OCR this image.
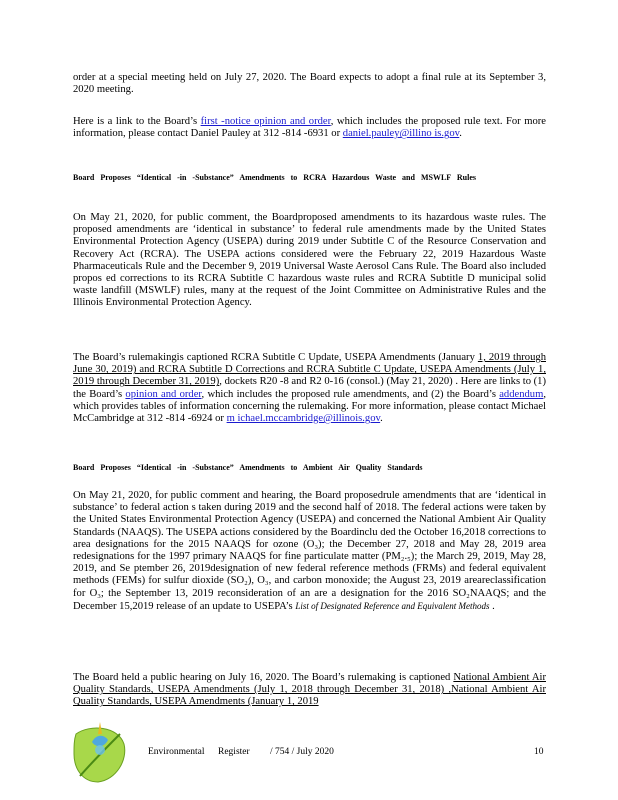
order at a special meeting held on July 27, 2020. The Board expects to adopt a final rule at its September 3, 2020 meeting.

Here is a link to the Board’s first -notice opinion and order, which includes the proposed rule text. For more information, please contact Daniel Pauley at 312 -814 -6931 or daniel.pauley@illino is.gov.

Board Proposes “Identical -in -Substance” Amendments to RCRA Hazardous Waste and MSWLF Rules

On May 21, 2020, for public comment, the Boardproposed amendments to its hazardous waste rules. The proposed amendments are ‘identical in substance’ to federal rule amendments made by the United States Environmental Protection Agency (USEPA) during 2019 under Subtitle C of the Resource Conservation and Recovery Act (RCRA). The USEPA actions considered were the February 22, 2019 Hazardous Waste Pharmaceuticals Rule and the December 9, 2019 Universal Waste Aerosol Cans Rule. The Board also included propos ed corrections to its RCRA Subtitle C hazardous waste rules and RCRA Subtitle D municipal solid waste landfill (MSWLF) rules, many at the request of the Joint Committee on Administrative Rules and the Illinois Environmental Protection Agency.

The Board’s rulemakingis captioned RCRA Subtitle C Update, USEPA Amendments (January 1, 2019 through June 30, 2019) and RCRA Subtitle D Corrections and RCRA Subtitle C Update, USEPA Amendments (July 1, 2019 through December 31, 2019), dockets R20 -8 and R2 0-16 (consol.) (May 21, 2020) . Here are links to (1) the Board’s opinion and order, which includes the proposed rule amendments, and (2) the Board’s addendum, which provides tables of information concerning the rulemaking. For more information, please contact Michael McCambridge at 312 -814 -6924 or m ichael.mccambridge@illinois.gov.

Board Proposes “Identical -in -Substance” Amendments to Ambient Air Quality Standards

On May 21, 2020, for public comment and hearing, the Board proposedrule amendments that are ‘identical in substance’ to federal action s taken during 2019 and the second half of 2018. The federal actions were taken by the United States Environmental Protection Agency (USEPA) and concerned the National Ambient Air Quality Standards (NAAQS). The USEPA actions considered by the Boardinclu ded the October 16,2018 corrections to area designations for the 2015 NAAQS for ozone (O₃); the December 27, 2018 and May 28, 2019 area redesignations for the 1997 primary NAAQS for fine particulate matter (PM₂.₅); the March 29, 2019, May 28, 2019, and Se ptember 26, 2019designation of new federal reference methods (FRMs) and federal equivalent methods (FEMs) for sulfur dioxide (SO₂), O₃, and carbon monoxide; the August 23, 2019 areareclassification for O₃; the September 13, 2019 reconsideration of an are a designation for the 2016 SO₂NAAQS; and the December 15,2019 release of an update to USEPA’s List of Designated Reference and Equivalent Methods .

The Board held a public hearing on July 16, 2020. The Board’s rulemaking is captioned National Ambient Air Quality Standards, USEPA Amendments (July 1, 2018 through December 31, 2018) ,National Ambient Air Quality Standards, USEPA Amendments (January 1, 2019

Environmental Register / 754 / July 2020	10
